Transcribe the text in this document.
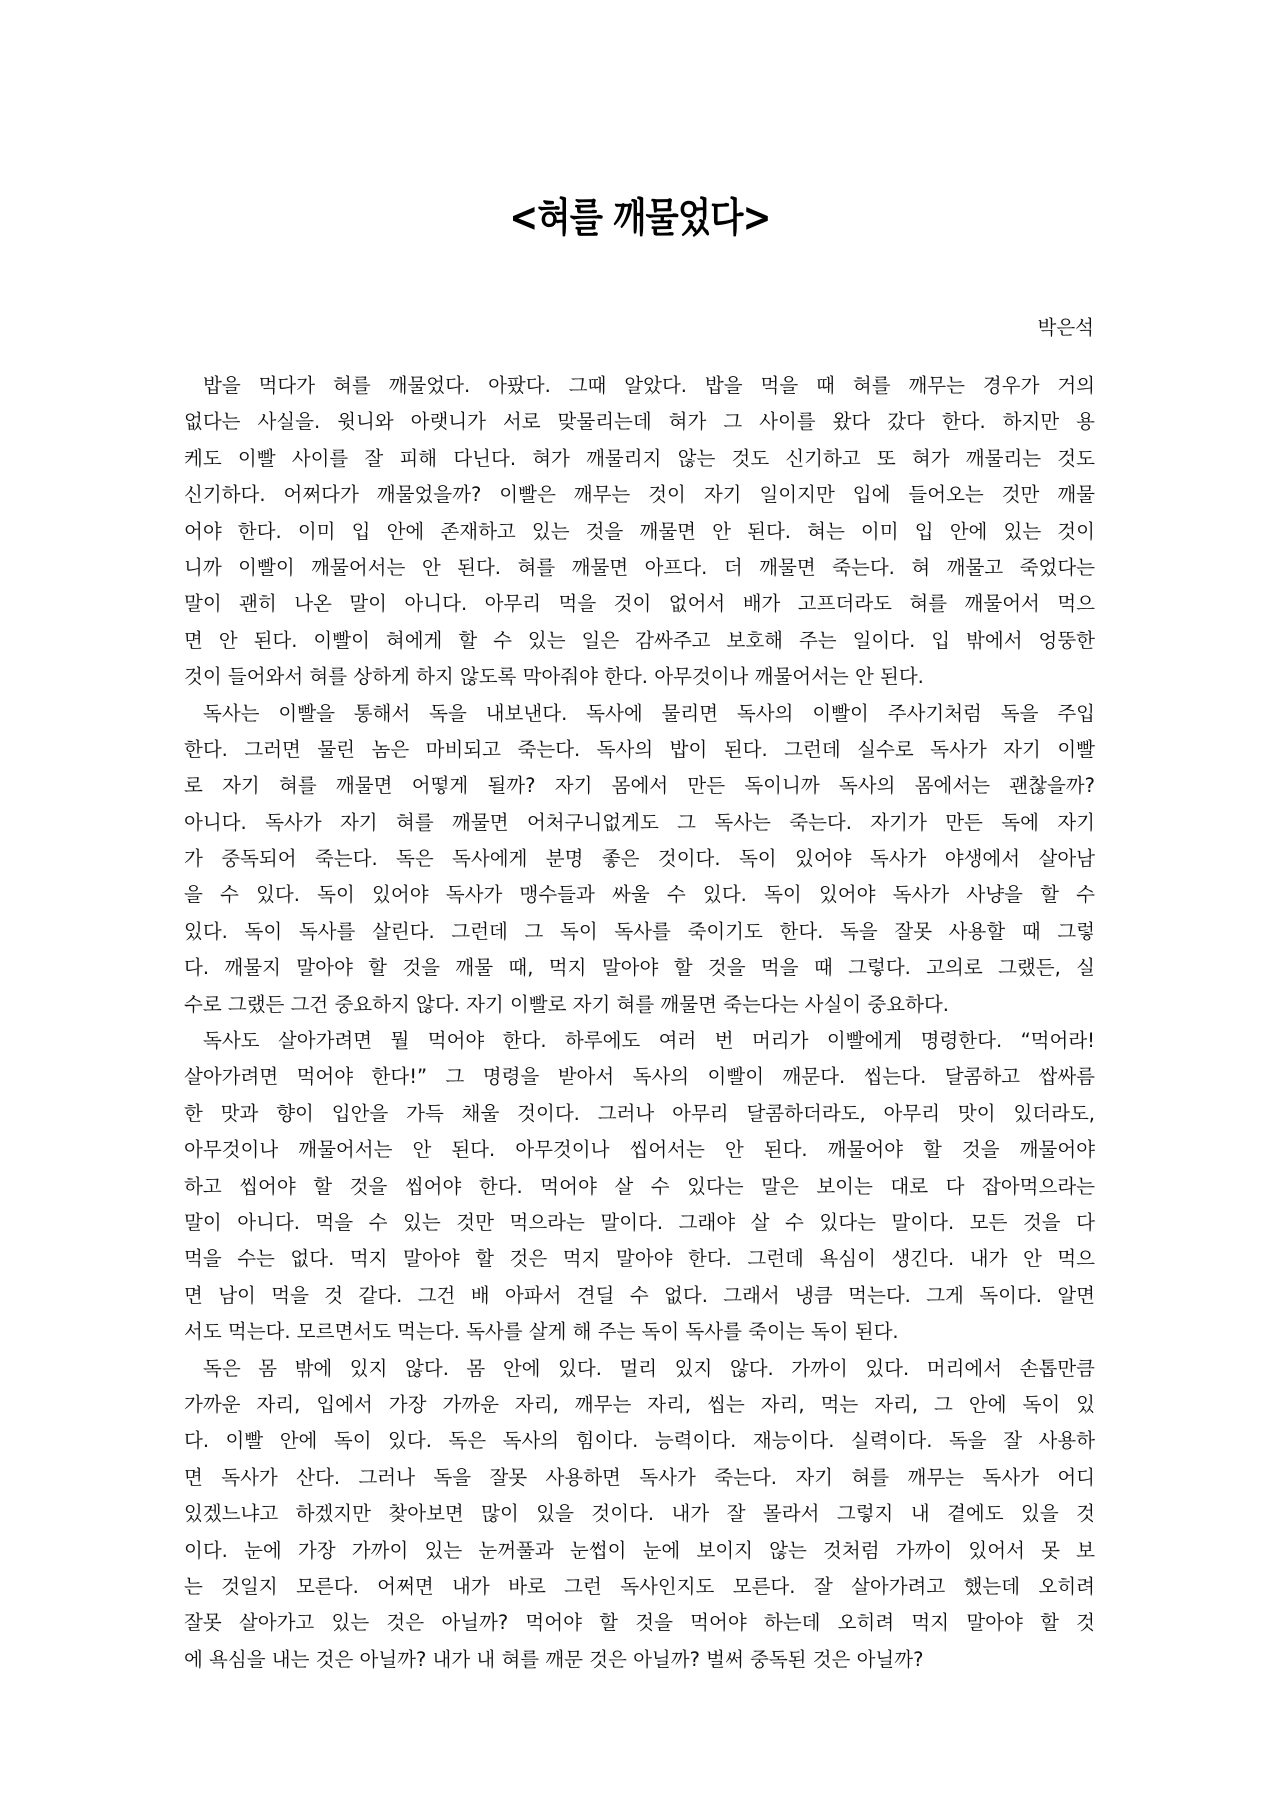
<혀를 깨물었다>
박은석
밥을 먹다가 혀를 깨물었다. 아팠다. 그때 알았다. 밥을 먹을 때 혀를 깨무는 경우가 거의
없다는 사실을. 윗니와 아랫니가 서로 맞물리는데 혀가 그 사이를 왔다 갔다 한다. 하지만 용
케도 이빨 사이를 잘 피해 다닌다. 혀가 깨물리지 않는 것도 신기하고 또 혀가 깨물리는 것도
신기하다. 어쩌다가 깨물었을까? 이빨은 깨무는 것이 자기 일이지만 입에 들어오는 것만 깨물
어야 한다. 이미 입 안에 존재하고 있는 것을 깨물면 안 된다. 혀는 이미 입 안에 있는 것이
니까 이빨이 깨물어서는 안 된다. 혀를 깨물면 아프다. 더 깨물면 죽는다. 혀 깨물고 죽었다는
말이 괜히 나온 말이 아니다. 아무리 먹을 것이 없어서 배가 고프더라도 혀를 깨물어서 먹으
면 안 된다. 이빨이 혀에게 할 수 있는 일은 감싸주고 보호해 주는 일이다. 입 밖에서 엉뚱한
것이 들어와서 혀를 상하게 하지 않도록 막아줘야 한다. 아무것이나 깨물어서는 안 된다.
독사는 이빨을 통해서 독을 내보낸다. 독사에 물리면 독사의 이빨이 주사기처럼 독을 주입
한다. 그러면 물린 놈은 마비되고 죽는다. 독사의 밥이 된다. 그런데 실수로 독사가 자기 이빨
로 자기 혀를 깨물면 어떻게 될까? 자기 몸에서 만든 독이니까 독사의 몸에서는 괜찮을까?
아니다. 독사가 자기 혀를 깨물면 어처구니없게도 그 독사는 죽는다. 자기가 만든 독에 자기
가 중독되어 죽는다. 독은 독사에게 분명 좋은 것이다. 독이 있어야 독사가 야생에서 살아남
을 수 있다. 독이 있어야 독사가 맹수들과 싸울 수 있다. 독이 있어야 독사가 사냥을 할 수
있다. 독이 독사를 살린다. 그런데 그 독이 독사를 죽이기도 한다. 독을 잘못 사용할 때 그렇
다. 깨물지 말아야 할 것을 깨물 때, 먹지 말아야 할 것을 먹을 때 그렇다. 고의로 그랬든, 실
수로 그랬든 그건 중요하지 않다. 자기 이빨로 자기 혀를 깨물면 죽는다는 사실이 중요하다.
독사도 살아가려면 뭘 먹어야 한다. 하루에도 여러 번 머리가 이빨에게 명령한다. “먹어라!
살아가려면 먹어야 한다!” 그 명령을 받아서 독사의 이빨이 깨문다. 씹는다. 달콤하고 쌉싸름
한 맛과 향이 입안을 가득 채울 것이다. 그러나 아무리 달콤하더라도, 아무리 맛이 있더라도,
아무것이나 깨물어서는 안 된다. 아무것이나 씹어서는 안 된다. 깨물어야 할 것을 깨물어야
하고 씹어야 할 것을 씹어야 한다. 먹어야 살 수 있다는 말은 보이는 대로 다 잡아먹으라는
말이 아니다. 먹을 수 있는 것만 먹으라는 말이다. 그래야 살 수 있다는 말이다. 모든 것을 다
먹을 수는 없다. 먹지 말아야 할 것은 먹지 말아야 한다. 그런데 욕심이 생긴다. 내가 안 먹으
면 남이 먹을 것 같다. 그건 배 아파서 견딜 수 없다. 그래서 냉큼 먹는다. 그게 독이다. 알면
서도 먹는다. 모르면서도 먹는다. 독사를 살게 해 주는 독이 독사를 죽이는 독이 된다.
독은 몸 밖에 있지 않다. 몸 안에 있다. 멀리 있지 않다. 가까이 있다. 머리에서 손톱만큼
가까운 자리, 입에서 가장 가까운 자리, 깨무는 자리, 씹는 자리, 먹는 자리, 그 안에 독이 있
다. 이빨 안에 독이 있다. 독은 독사의 힘이다. 능력이다. 재능이다. 실력이다. 독을 잘 사용하
면 독사가 산다. 그러나 독을 잘못 사용하면 독사가 죽는다. 자기 혀를 깨무는 독사가 어디
있겠느냐고 하겠지만 찾아보면 많이 있을 것이다. 내가 잘 몰라서 그렇지 내 곁에도 있을 것
이다. 눈에 가장 가까이 있는 눈꺼풀과 눈썹이 눈에 보이지 않는 것처럼 가까이 있어서 못 보
는 것일지 모른다. 어쩌면 내가 바로 그런 독사인지도 모른다. 잘 살아가려고 했는데 오히려
잘못 살아가고 있는 것은 아닐까? 먹어야 할 것을 먹어야 하는데 오히려 먹지 말아야 할 것
에 욕심을 내는 것은 아닐까? 내가 내 혀를 깨문 것은 아닐까? 벌써 중독된 것은 아닐까?
